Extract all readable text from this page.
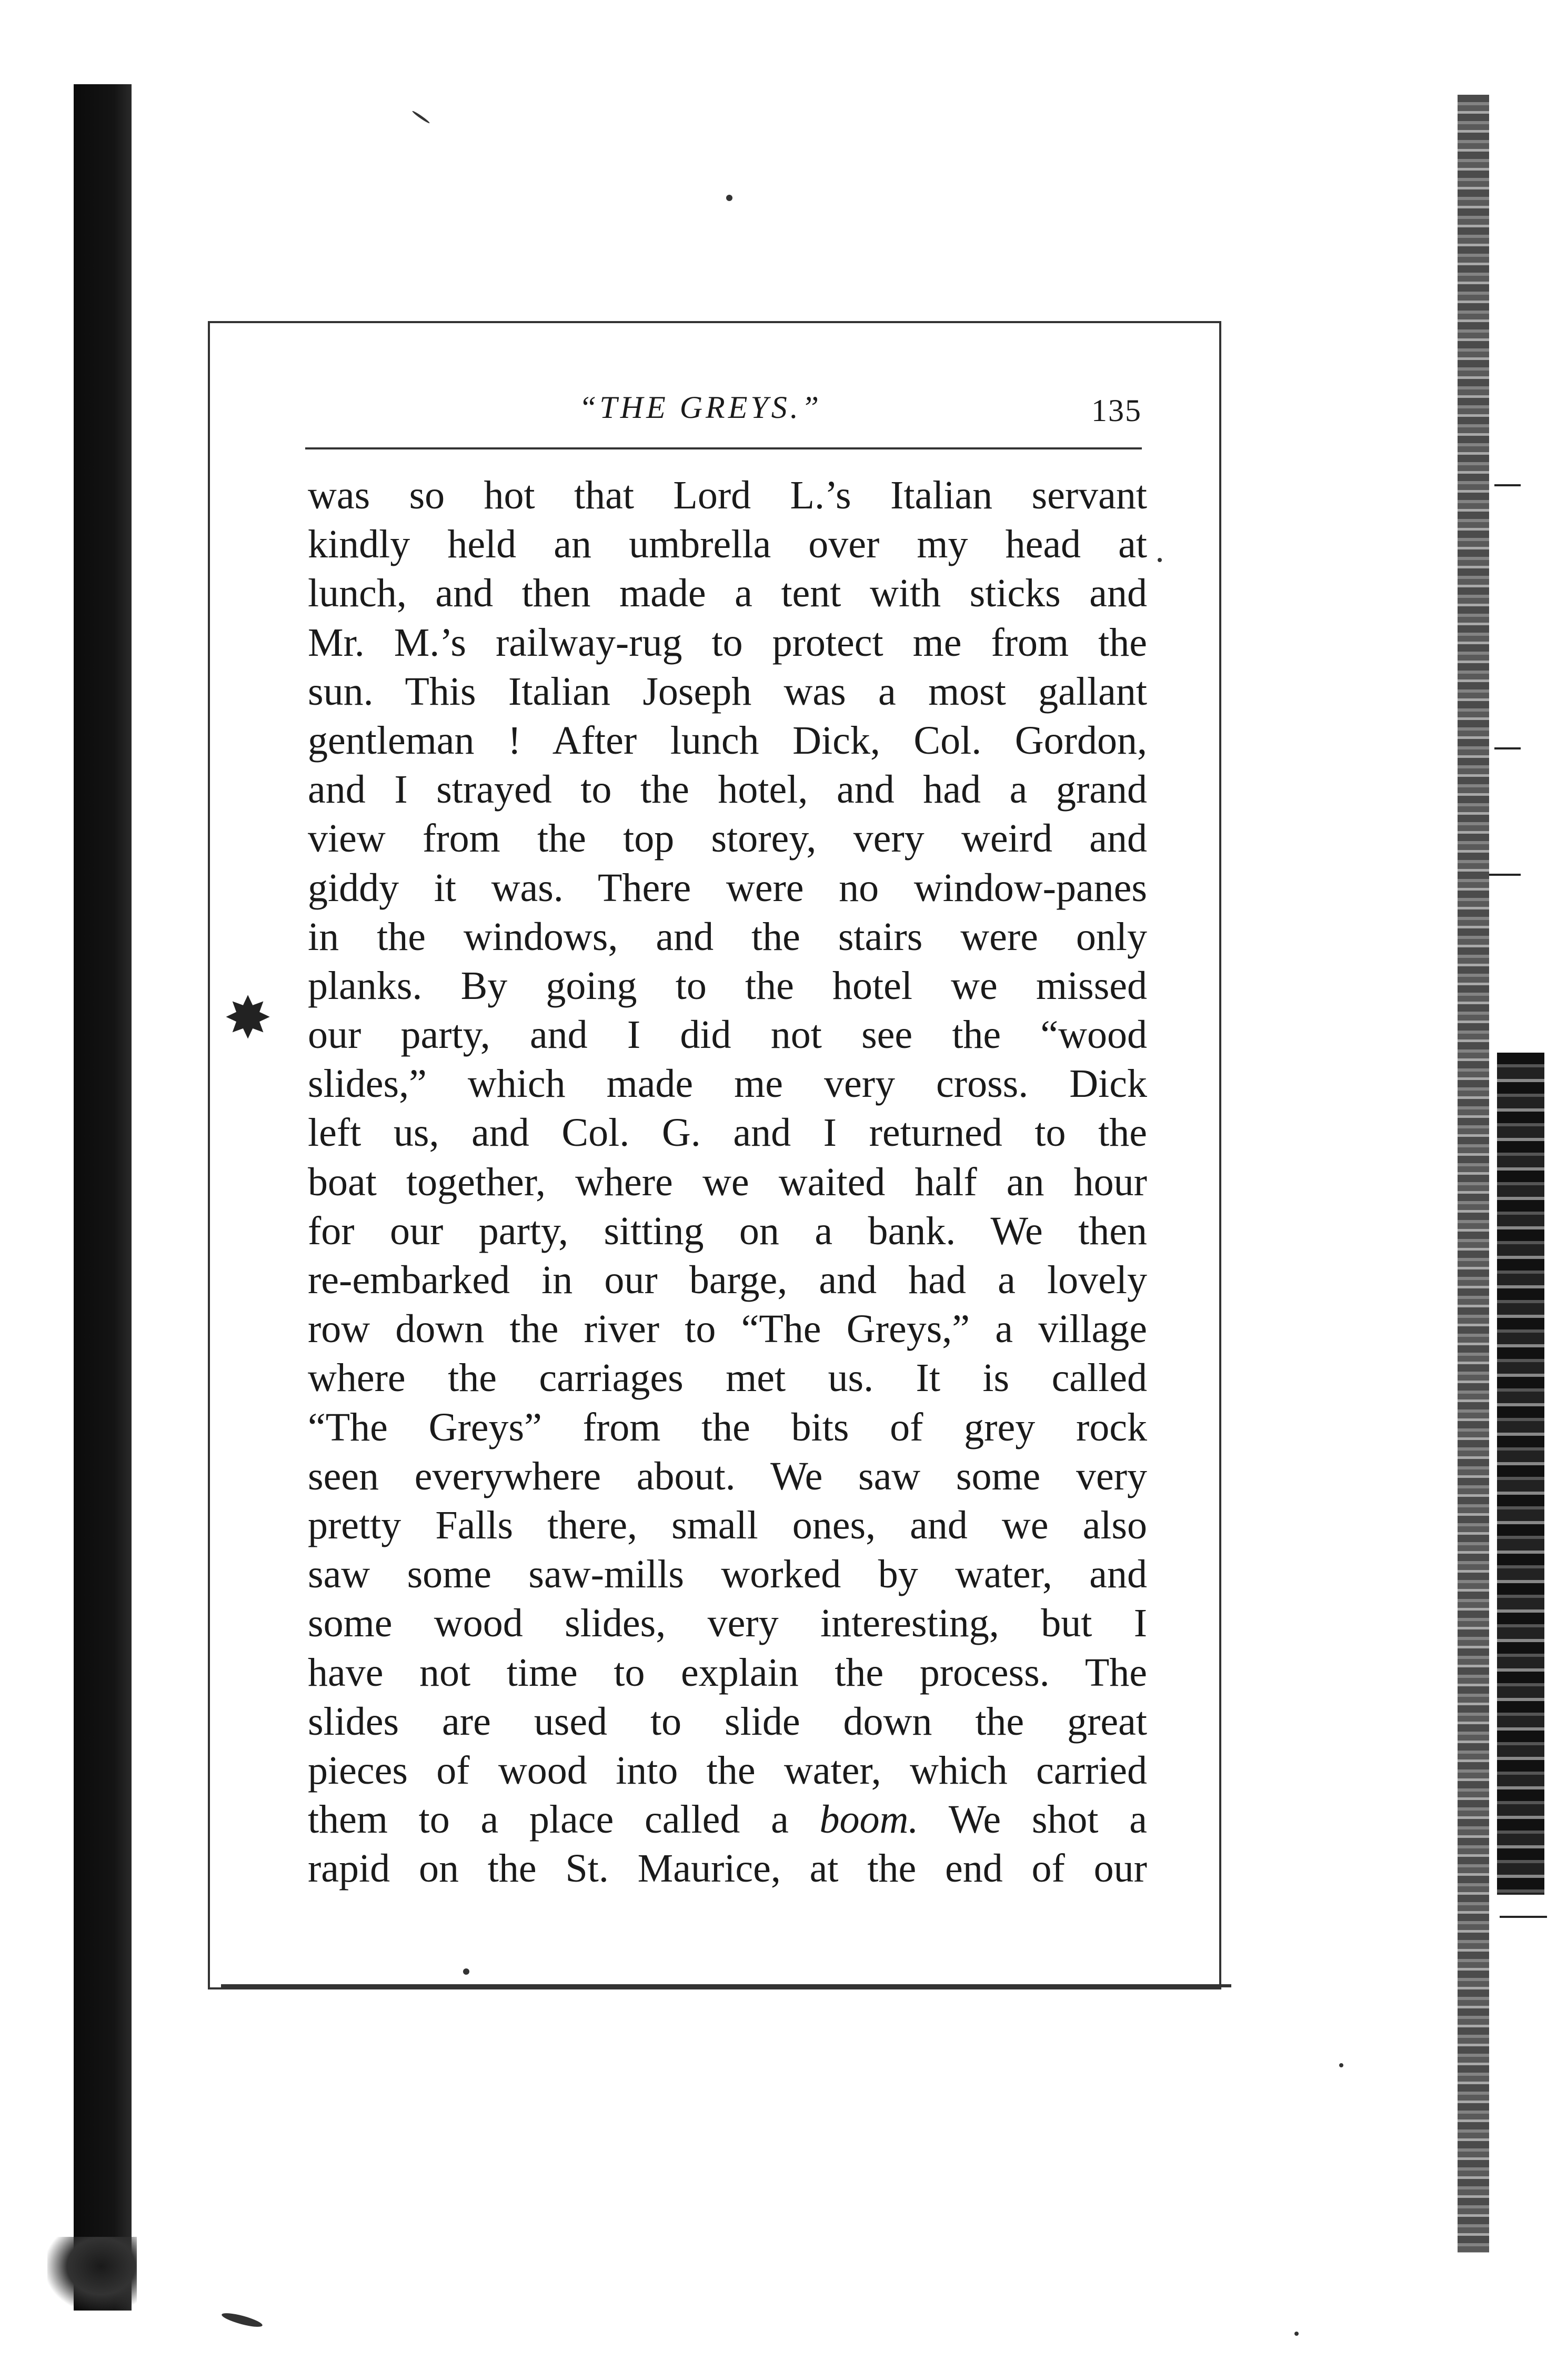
✸
“THE GREYS.”	135
was so hot that Lord L.’s Italian servant
kindly held an umbrella over my head at
lunch, and then made a tent with sticks and
Mr. M.’s railway-rug to protect me from the
sun. This Italian Joseph was a most gallant
gentleman ! After lunch Dick, Col. Gordon,
and I strayed to the hotel, and had a grand
view from the top storey, very weird and
giddy it was. There were no window-panes
in the windows, and the stairs were only
planks. By going to the hotel we missed
our party, and I did not see the “wood
slides,” which made me very cross. Dick
left us, and Col. G. and I returned to the
boat together, where we waited half an hour
for our party, sitting on a bank. We then
re-embarked in our barge, and had a lovely
row down the river to “The Greys,” a village
where the carriages met us. It is called
“The Greys” from the bits of grey rock
seen everywhere about. We saw some very
pretty Falls there, small ones, and we also
saw some saw-mills worked by water, and
some wood slides, very interesting, but I
have not time to explain the process. The
slides are used to slide down the great
pieces of wood into the water, which carried
them to a place called a boom. We shot a
rapid on the St. Maurice, at the end of our
